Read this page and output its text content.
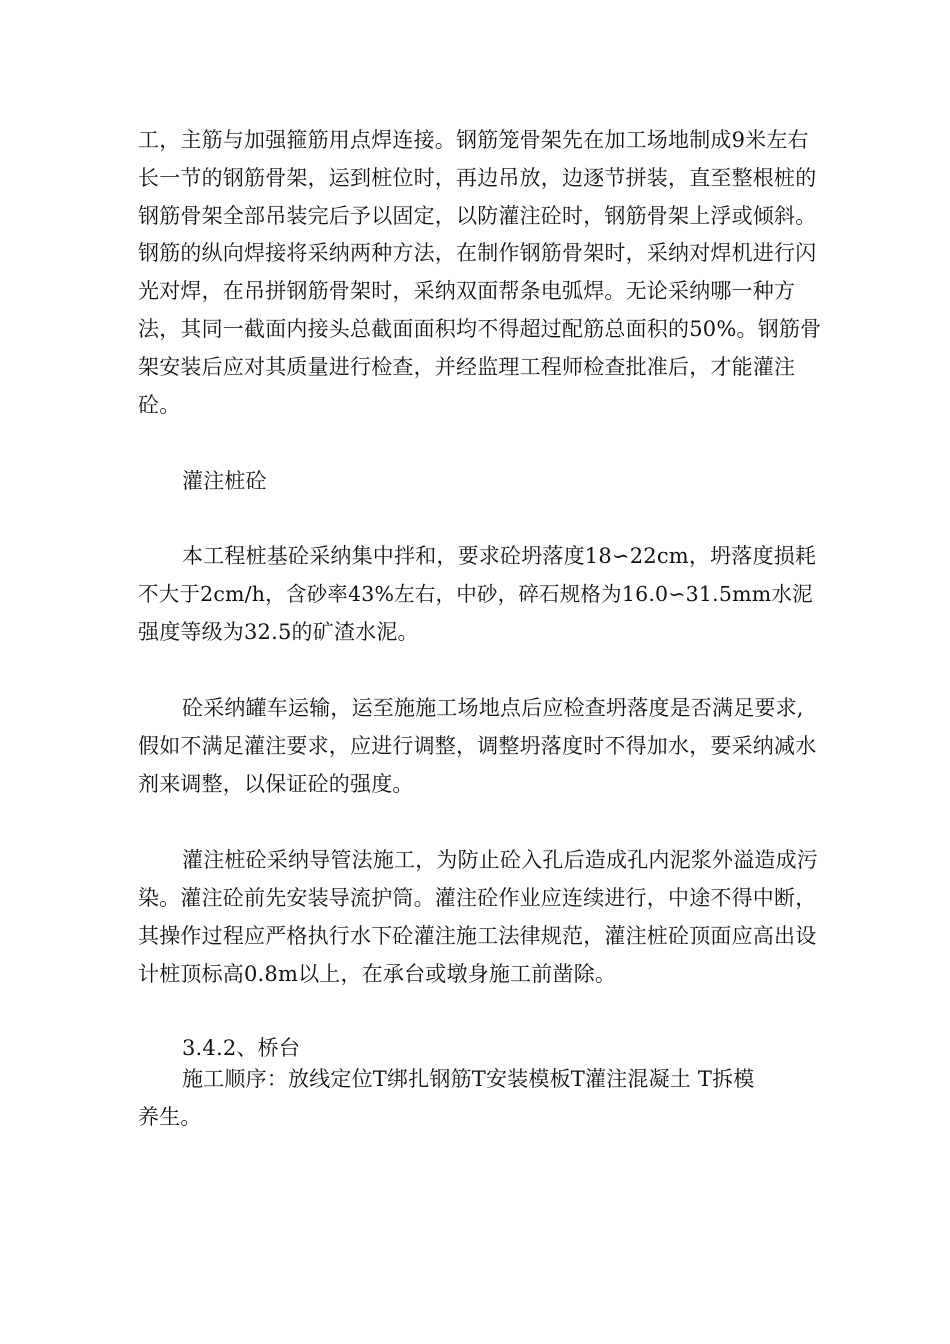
工，主筋与加强箍筋用点焊连接。钢筋笼骨架先在加工场地制成9米左右
长一节的钢筋骨架，运到桩位时，再边吊放，边逐节拼装，直至整根桩的
钢筋骨架全部吊装完后予以固定，以防灌注砼时，钢筋骨架上浮或倾斜。
钢筋的纵向焊接将采纳两种方法，在制作钢筋骨架时，采纳对焊机进行闪
光对焊，在吊拼钢筋骨架时，采纳双面帮条电弧焊。无论采纳哪一种方
法，其同一截面内接头总截面面积均不得超过配筋总面积的50%。钢筋骨
架安装后应对其质量进行检查，并经监理工程师检查批准后，才能灌注
砼。
灌注桩砼
本工程桩基砼采纳集中拌和，要求砼坍落度18∽22cm，坍落度损耗
不大于2cm/h，含砂率43%左右，中砂，碎石规格为16.0∽31.5mm水泥
强度等级为32.5的矿渣水泥。
砼采纳罐车运输，运至施施工场地点后应检查坍落度是否满足要求,
假如不满足灌注要求，应进行调整，调整坍落度时不得加水，要采纳减水
剂来调整，以保证砼的强度。
灌注桩砼采纳导管法施工，为防止砼入孔后造成孔内泥浆外溢造成污
染。灌注砼前先安装导流护筒。灌注砼作业应连续进行，中途不得中断，
其操作过程应严格执行水下砼灌注施工法律规范，灌注桩砼顶面应高出设
计桩顶标高0.8m以上，在承台或墩身施工前凿除。
3.4.2、桥台
施工顺序：放线定位T绑扎钢筋T安装模板T灌注混凝土 T拆模
养生。
